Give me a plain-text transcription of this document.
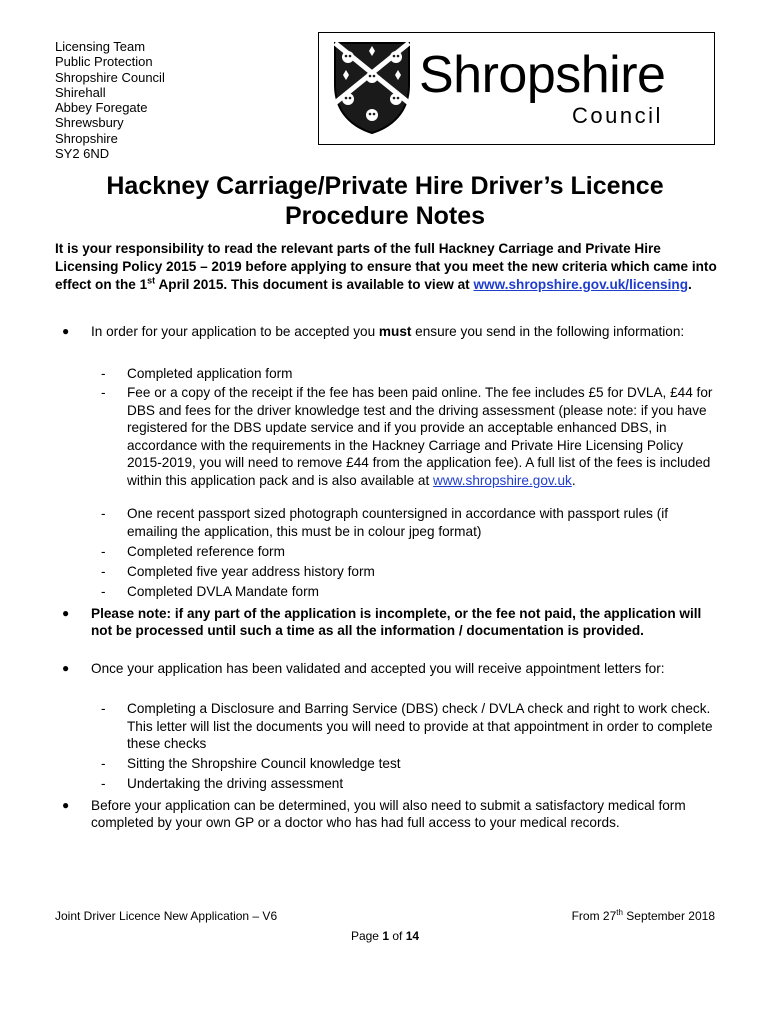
Licensing Team
Public Protection
Shropshire Council
Shirehall
Abbey Foregate
Shrewsbury
Shropshire
SY2 6ND
Shropshire
Council
Hackney Carriage/Private Hire Driver’s Licence
Procedure Notes
It is your responsibility to read the relevant parts of the full Hackney Carriage and Private Hire Licensing Policy 2015 – 2019 before applying to ensure that you meet the new criteria which came into effect on the 1st April 2015. This document is available to view at www.shropshire.gov.uk/licensing.
● In order for your application to be accepted you must ensure you send in the following information:
- Completed application form
- Fee or a copy of the receipt if the fee has been paid online. The fee includes £5 for DVLA, £44 for DBS and fees for the driver knowledge test and the driving assessment (please note: if you have registered for the DBS update service and if you provide an acceptable enhanced DBS, in accordance with the requirements in the Hackney Carriage and Private Hire Licensing Policy 2015-2019, you will need to remove £44 from the application fee). A full list of the fees is included within this application pack and is also available at www.shropshire.gov.uk.
- One recent passport sized photograph countersigned in accordance with passport rules (if emailing the application, this must be in colour jpeg format)
- Completed reference form
- Completed five year address history form
- Completed DVLA Mandate form
● Please note: if any part of the application is incomplete, or the fee not paid, the application will not be processed until such a time as all the information / documentation is provided.
● Once your application has been validated and accepted you will receive appointment letters for:
- Completing a Disclosure and Barring Service (DBS) check / DVLA check and right to work check. This letter will list the documents you will need to provide at that appointment in order to complete these checks
- Sitting the Shropshire Council knowledge test
- Undertaking the driving assessment
● Before your application can be determined, you will also need to submit a satisfactory medical form completed by your own GP or a doctor who has had full access to your medical records.
Joint Driver Licence New Application – V6	From 27th September 2018
Page 1 of 14
